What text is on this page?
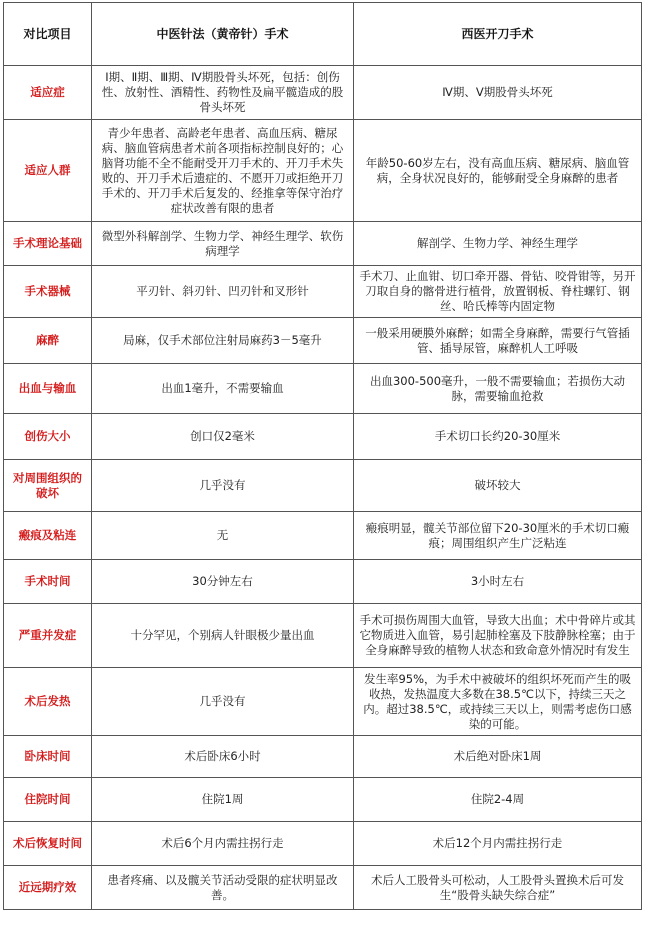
对比项目	中医针法（黄帝针）手术	西医开刀手术
适应症	Ⅰ期、Ⅱ期、Ⅲ期、Ⅳ期股骨头坏死，包括：创伤性、放射性、酒精性、药物性及扁平髋造成的股骨头坏死	Ⅳ期、Ⅴ期股骨头坏死
适应人群	青少年患者、高龄老年患者、高血压病、糖尿病、脑血管病患者术前各项指标控制良好的；心脑肾功能不全不能耐受开刀手术的、开刀手术失败的、开刀手术后遗症的、不愿开刀或拒绝开刀手术的、开刀手术后复发的、经推拿等保守治疗症状改善有限的患者	年龄50-60岁左右，没有高血压病、糖尿病、脑血管病，全身状况良好的，能够耐受全身麻醉的患者
手术理论基础	微型外科解剖学、生物力学、神经生理学、软伤病理学	解剖学、生物力学、神经生理学
手术器械	平刃针、斜刃针、凹刃针和叉形针	手术刀、止血钳、切口牵开器、骨钻、咬骨钳等，另开刀取自身的髂骨进行植骨，放置钢板、脊柱螺钉、钢丝、哈氏棒等内固定物
麻醉	局麻，仅手术部位注射局麻药3－5毫升	一般采用硬膜外麻醉；如需全身麻醉，需要行气管插管、插导尿管，麻醉机人工呼吸
出血与输血	出血1毫升，不需要输血	出血300-500毫升，一般不需要输血；若损伤大动脉，需要输血抢救
创伤大小	创口仅2毫米	手术切口长约20-30厘米
对周围组织的破坏	几乎没有	破坏较大
瘢痕及粘连	无	瘢痕明显，髋关节部位留下20-30厘米的手术切口瘢痕；周围组织产生广泛粘连
手术时间	30分钟左右	3小时左右
严重并发症	十分罕见，个别病人针眼极少量出血	手术可损伤周围大血管，导致大出血；术中骨碎片或其它物质进入血管，易引起肺栓塞及下肢静脉栓塞；由于全身麻醉导致的植物人状态和致命意外情况时有发生
术后发热	几乎没有	发生率95%，为手术中被破坏的组织坏死而产生的吸收热，发热温度大多数在38.5℃以下，持续三天之内。超过38.5℃，或持续三天以上，则需考虑伤口感染的可能。
卧床时间	术后卧床6小时	术后绝对卧床1周
住院时间	住院1周	住院2-4周
术后恢复时间	术后6个月内需拄拐行走	术后12个月内需拄拐行走
近远期疗效	患者疼痛、以及髋关节活动受限的症状明显改善。	术后人工股骨头可松动，人工股骨头置换术后可发生“股骨头缺失综合症”
